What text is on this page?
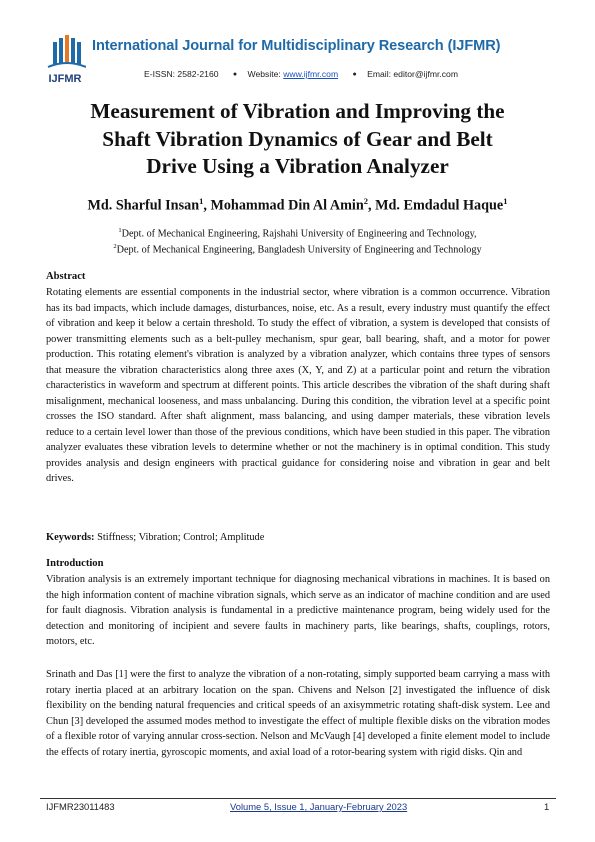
IJFMR
International Journal for Multidisciplinary Research (IJFMR)
E-ISSN: 2582-2160 ● Website: www.ijfmr.com ● Email: editor@ijfmr.com
Measurement of Vibration and Improving the
Shaft Vibration Dynamics of Gear and Belt
Drive Using a Vibration Analyzer
Md. Sharful Insan$^1$, Mohammad Din Al Amin$^2$, Md. Emdadul Haque$^1$
$^1$Dept. of Mechanical Engineering, Rajshahi University of Engineering and Technology,
$^2$Dept. of Mechanical Engineering, Bangladesh University of Engineering and Technology
Abstract

Rotating elements are essential components in the industrial sector, where vibration is a common occurrence. Vibration has its bad impacts, which include damages, disturbances, noise, etc. As a result, every industry must quantify the effect of vibration and keep it below a certain threshold. To study the effect of vibration, a system is developed that consists of power transmitting elements such as a belt-pulley mechanism, spur gear, ball bearing, shaft, and a motor for power production. This rotating element's vibration is analyzed by a vibration analyzer, which contains three types of sensors that measure the vibration characteristics along three axes (X, Y, and Z) at a particular point and return the vibration characteristics in waveform and spectrum at different points. This article describes the vibration of the shaft during shaft misalignment, mechanical looseness, and mass unbalancing. During this condition, the vibration level at a specific point crosses the ISO standard. After shaft alignment, mass balancing, and using damper materials, these vibration levels reduce to a certain level lower than those of the previous conditions, which have been studied in this paper. The vibration analyzer evaluates these vibration levels to determine whether or not the machinery is in optimal condition. This study provides analysis and design engineers with practical guidance for considering noise and vibration in gear and belt drives.

Keywords: Stiffness; Vibration; Control; Amplitude
Introduction

Vibration analysis is an extremely important technique for diagnosing mechanical vibrations in machines. It is based on the high information content of machine vibration signals, which serve as an indicator of machine condition and are used for fault diagnosis. Vibration analysis is fundamental in a predictive maintenance program, being widely used for the detection and monitoring of incipient and severe faults in machinery parts, like bearings, shafts, couplings, rotors, motors, etc.

Srinath and Das [1] were the first to analyze the vibration of a non-rotating, simply supported beam carrying a mass with rotary inertia placed at an arbitrary location on the span. Chivens and Nelson [2] investigated the influence of disk flexibility on the bending natural frequencies and critical speeds of an axisymmetric rotating shaft-disk system. Lee and Chun [3] developed the assumed modes method to investigate the effect of multiple flexible disks on the vibration modes of a flexible rotor of varying annular cross-section. Nelson and McVaugh [4] developed a finite element model to include the effects of rotary inertia, gyroscopic moments, and axial load of a rotor-bearing system with rigid disks. Qin and

IJFMR23011483	Volume 5, Issue 1, January-February 2023	1
